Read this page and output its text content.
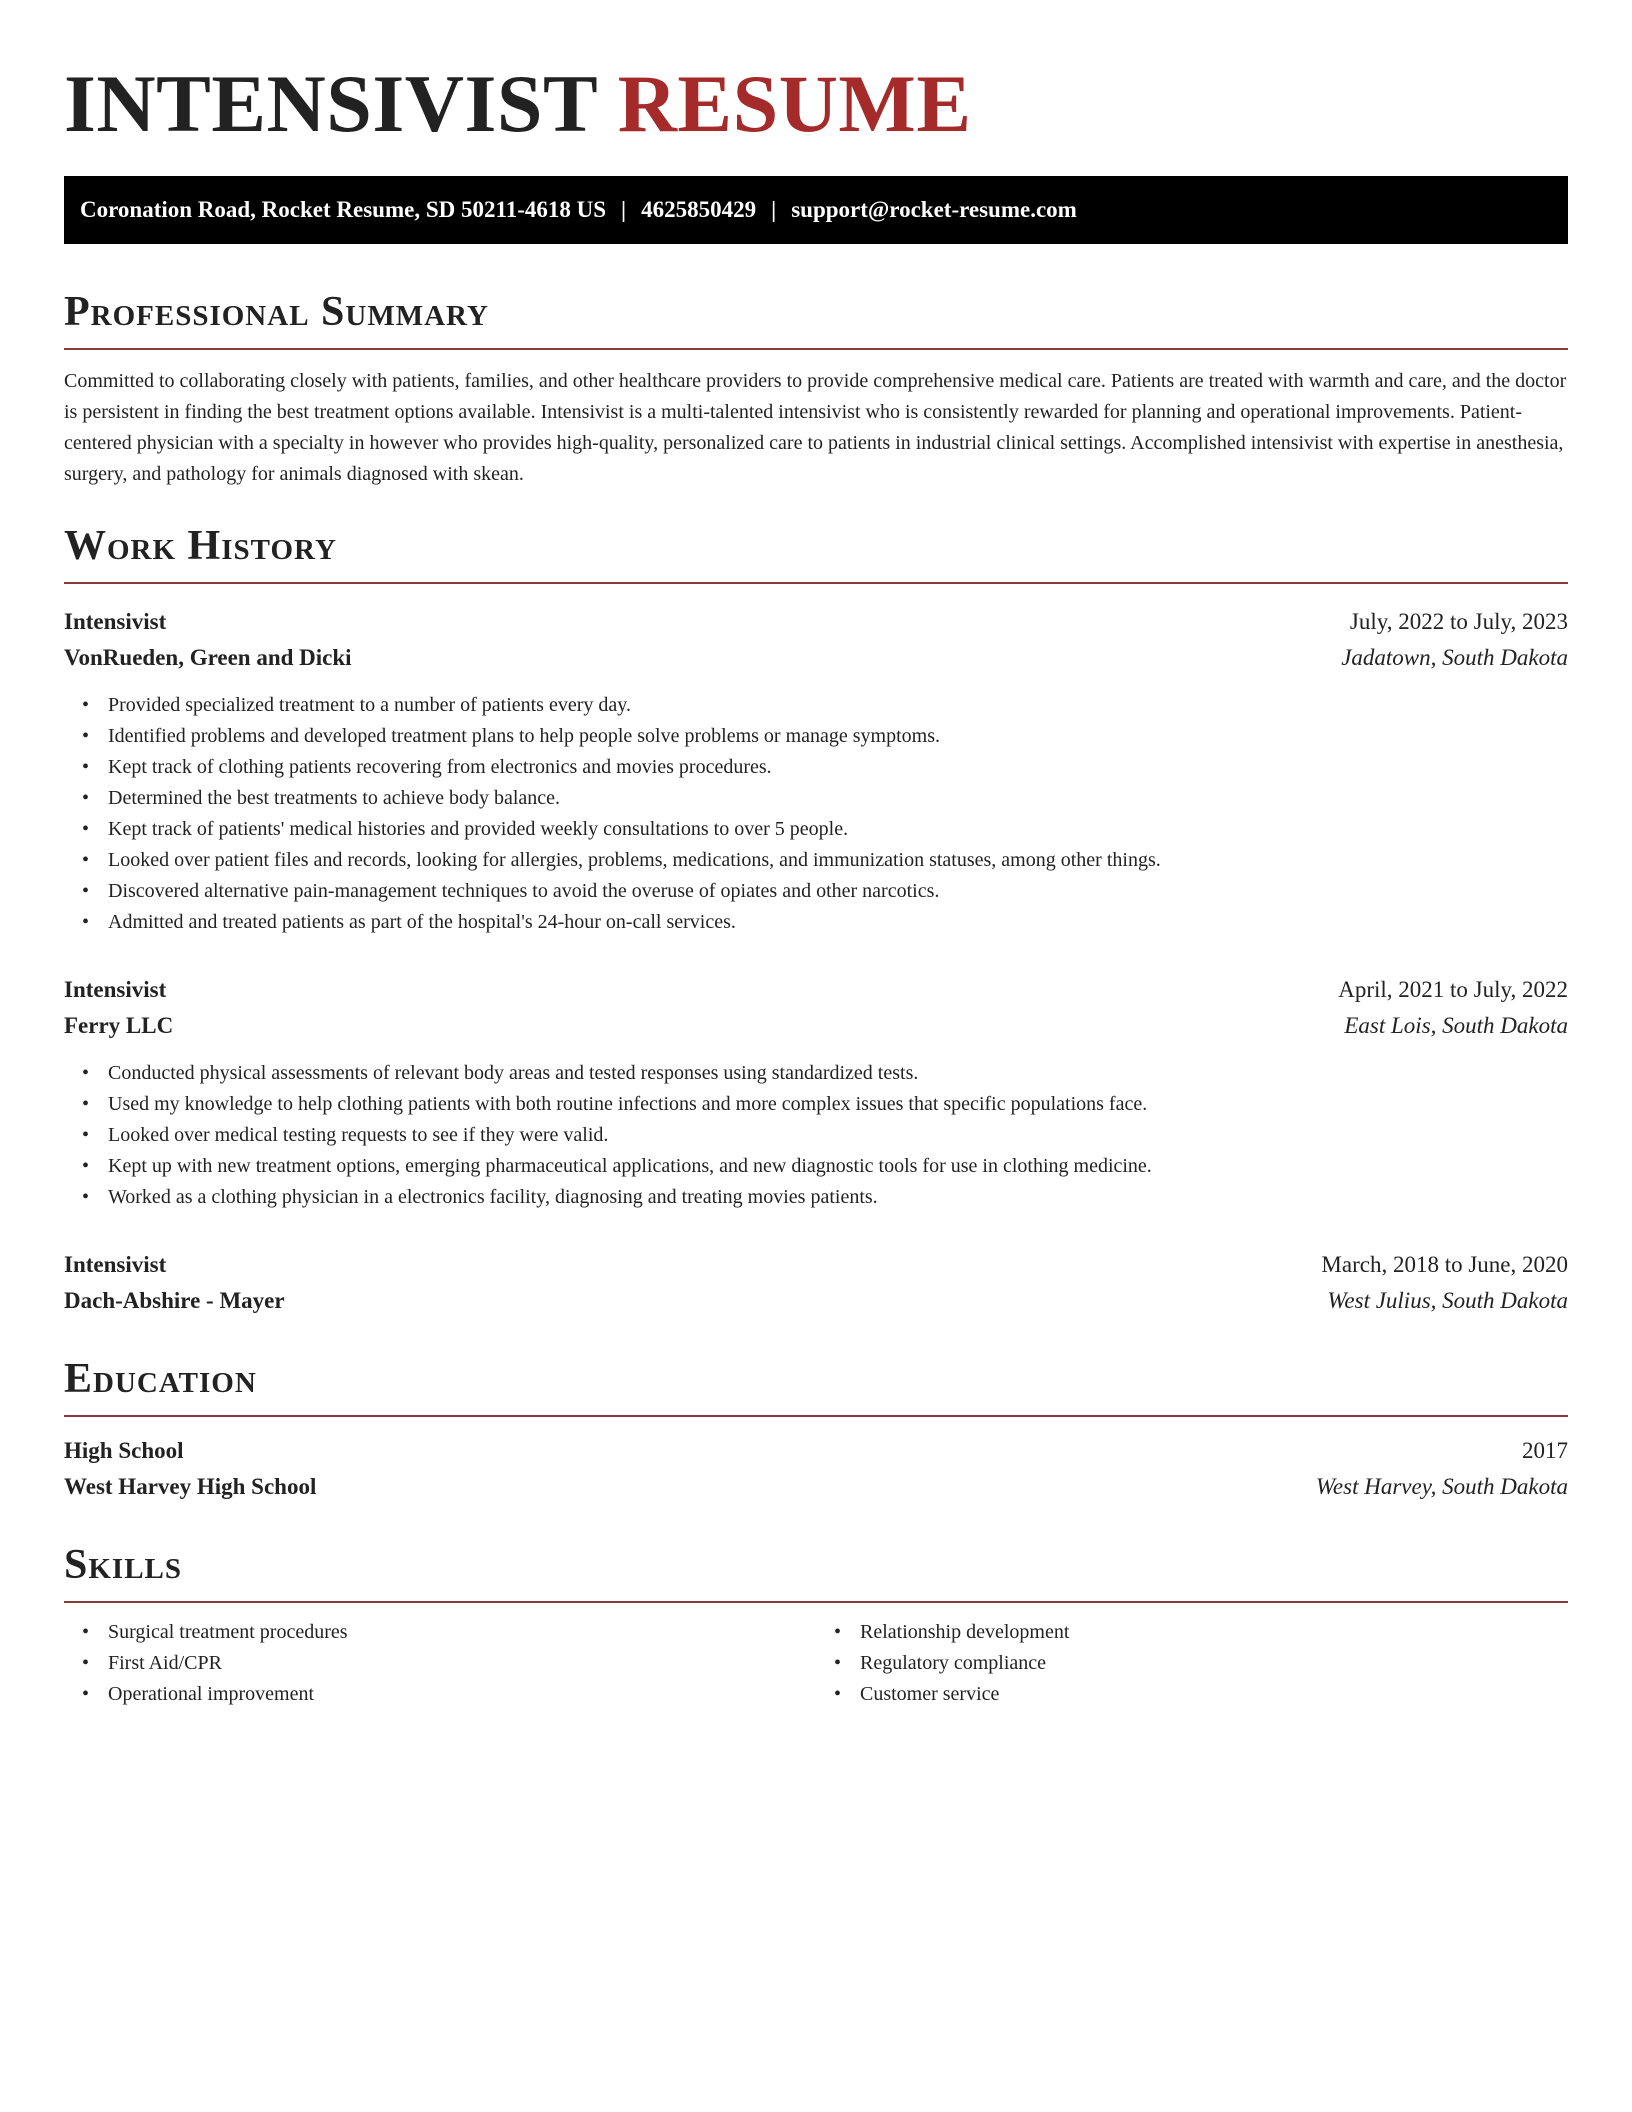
INTENSIVIST RESUME
Coronation Road, Rocket Resume, SD 50211-4618 US | 4625850429 | support@rocket-resume.com
Professional Summary

Committed to collaborating closely with patients, families, and other healthcare providers to provide comprehensive medical care. Patients are treated with warmth and care, and the doctor is persistent in finding the best treatment options available. Intensivist is a multi-talented intensivist who is consistently rewarded for planning and operational improvements. Patient-centered physician with a specialty in however who provides high-quality, personalized care to patients in industrial clinical settings. Accomplished intensivist with expertise in anesthesia, surgery, and pathology for animals diagnosed with skean.

Work History
Intensivist	July, 2022 to July, 2023
VonRueden, Green and Dicki	Jadatown, South Dakota
• Provided specialized treatment to a number of patients every day.
• Identified problems and developed treatment plans to help people solve problems or manage symptoms.
• Kept track of clothing patients recovering from electronics and movies procedures.
• Determined the best treatments to achieve body balance.
• Kept track of patients' medical histories and provided weekly consultations to over 5 people.
• Looked over patient files and records, looking for allergies, problems, medications, and immunization statuses, among other things.
• Discovered alternative pain-management techniques to avoid the overuse of opiates and other narcotics.
• Admitted and treated patients as part of the hospital's 24-hour on-call services.
Intensivist	April, 2021 to July, 2022
Ferry LLC	East Lois, South Dakota
• Conducted physical assessments of relevant body areas and tested responses using standardized tests.
• Used my knowledge to help clothing patients with both routine infections and more complex issues that specific populations face.
• Looked over medical testing requests to see if they were valid.
• Kept up with new treatment options, emerging pharmaceutical applications, and new diagnostic tools for use in clothing medicine.
• Worked as a clothing physician in a electronics facility, diagnosing and treating movies patients.
Intensivist	March, 2018 to June, 2020
Dach-Abshire - Mayer	West Julius, South Dakota
Education
High School	2017
West Harvey High School	West Harvey, South Dakota
Skills
• Surgical treatment procedures
• First Aid/CPR
• Operational improvement
• Relationship development
• Regulatory compliance
• Customer service
